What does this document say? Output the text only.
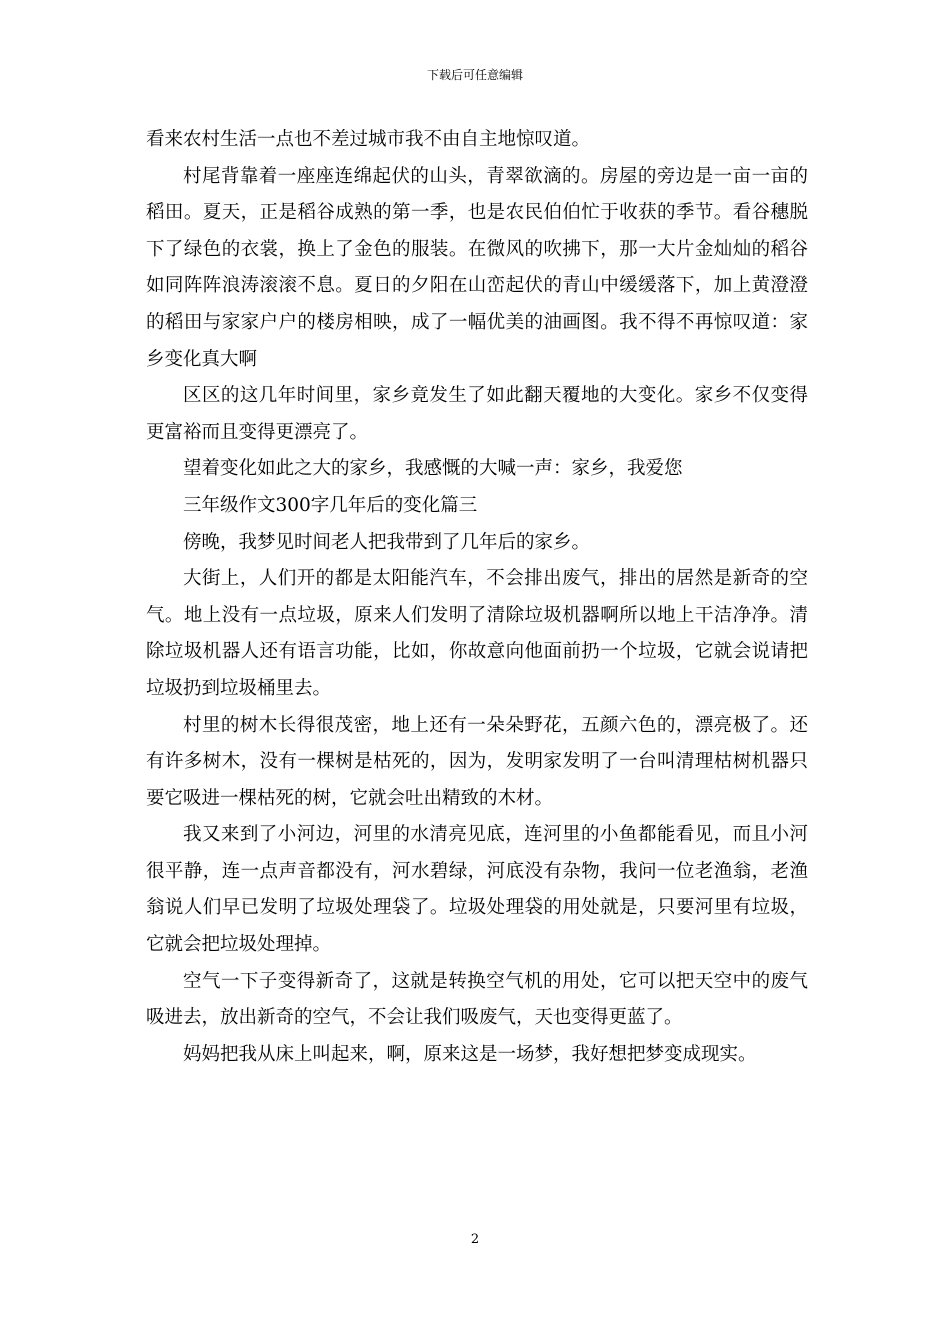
下载后可任意编辑

看来农村生活一点也不差过城市我不由自主地惊叹道。

村尾背靠着一座座连绵起伏的山头，青翠欲滴的。房屋的旁边是一亩一亩的稻田。夏天，正是稻谷成熟的第一季，也是农民伯伯忙于收获的季节。看谷穗脱下了绿色的衣裳，换上了金色的服装。在微风的吹拂下，那一大片金灿灿的稻谷如同阵阵浪涛滚滚不息。夏日的夕阳在山峦起伏的青山中缓缓落下，加上黄澄澄的稻田与家家户户的楼房相映，成了一幅优美的油画图。我不得不再惊叹道：家乡变化真大啊

区区的这几年时间里，家乡竟发生了如此翻天覆地的大变化。家乡不仅变得更富裕而且变得更漂亮了。

望着变化如此之大的家乡，我感慨的大喊一声：家乡，我爱您

三年级作文300字几年后的变化篇三

傍晚，我梦见时间老人把我带到了几年后的家乡。

大街上，人们开的都是太阳能汽车，不会排出废气，排出的居然是新奇的空气。地上没有一点垃圾，原来人们发明了清除垃圾机器啊所以地上干洁净净。清除垃圾机器人还有语言功能，比如，你故意向他面前扔一个垃圾，它就会说请把垃圾扔到垃圾桶里去。

村里的树木长得很茂密，地上还有一朵朵野花，五颜六色的，漂亮极了。还有许多树木，没有一棵树是枯死的，因为，发明家发明了一台叫清理枯树机器只要它吸进一棵枯死的树，它就会吐出精致的木材。

我又来到了小河边，河里的水清亮见底，连河里的小鱼都能看见，而且小河很平静，连一点声音都没有，河水碧绿，河底没有杂物，我问一位老渔翁，老渔翁说人们早已发明了垃圾处理袋了。垃圾处理袋的用处就是，只要河里有垃圾，它就会把垃圾处理掉。

空气一下子变得新奇了，这就是转换空气机的用处，它可以把天空中的废气吸进去，放出新奇的空气，不会让我们吸废气，天也变得更蓝了。

妈妈把我从床上叫起来，啊，原来这是一场梦，我好想把梦变成现实。

2
